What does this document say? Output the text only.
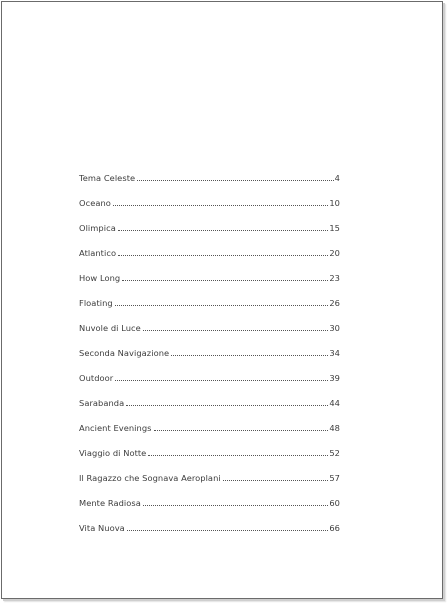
Tema Celeste	4
Oceano	10
Olimpica	15
Atlantico	20
How Long	23
Floating	26
Nuvole di Luce	30
Seconda Navigazione	34
Outdoor	39
Sarabanda	44
Ancient Evenings	48
Viaggio di Notte	52
Il Ragazzo che Sognava Aeroplani	57
Mente Radiosa	60
Vita Nuova	66
